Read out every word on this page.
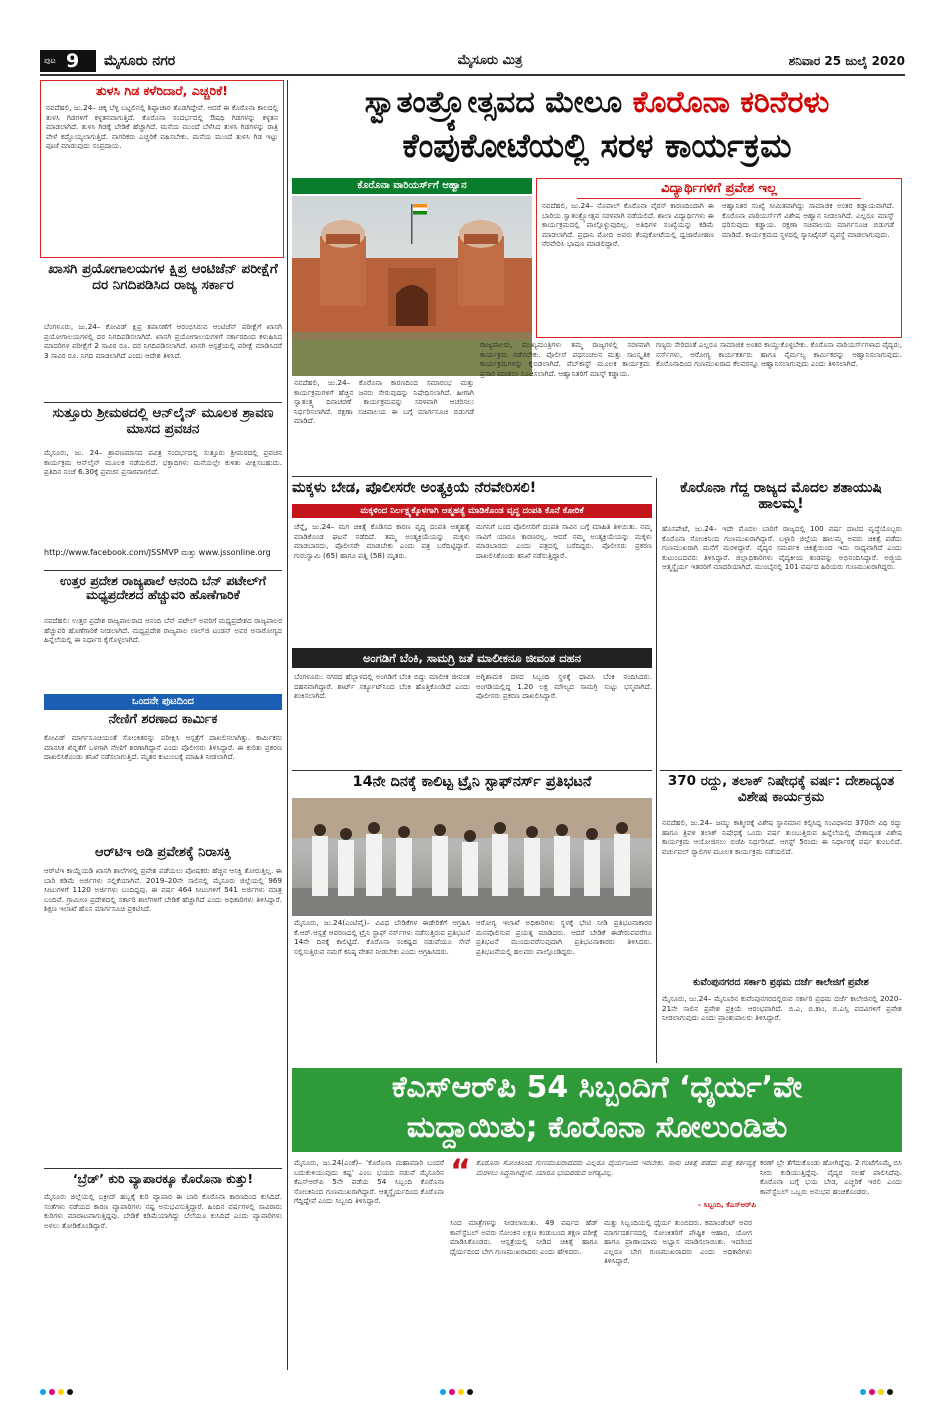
ಪುಟ 9 ಮೈಸೂರು ನಗರ	ಮೈಸೂರು ಮಿತ್ರ	ಶನಿವಾರ 25 ಜುಲೈ 2020
ತುಳಸಿ ಗಿಡ ಕಳೆರಿದಾರೆ, ಎಚ್ಚರಿಕೆ!
ನವದೆಹಲಿ, ಜು.24– ಚಿಕ್ಕ ಬೆಳ್ಳಿ ಬಟ್ಟಲಿನಲ್ಲಿ ಶಿಷ್ಟಾಚಾರ ತೊಡಗಿದ್ದೇವೆ. ಆದರೆ ಈ ಕೊರೊನಾ ಕಾಲದಲ್ಲಿ ತುಳಸಿ ಗಿಡಗಳಿಗೆ ಕಳ್ಳತನವಾಗುತ್ತಿದೆ. ಕೊರೊನಾ ಸಂದರ್ಭದಲ್ಲಿ ಔಷಧಿ ಗಿಡಗಳನ್ನು ಕಳ್ಳತನ ಮಾಡಲಾಗಿದೆ. ತುಳಸಿ ಗಿಡಕ್ಕೆ ಬೇಡಿಕೆ ಹೆಚ್ಚಾಗಿದೆ. ಮನೆಯ ಮುಂದೆ ಬೆಳೆಸಿದ ತುಳಸಿ ಗಿಡಗಳನ್ನು ರಾತ್ರಿ ವೇಳೆ ಕದ್ದೊಯ್ಯಲಾಗುತ್ತಿದೆ. ನಾಗರಿಕರು ಎಚ್ಚರಿಕೆ ವಹಿಸಬೇಕು. ಮನೆಯ ಮುಂದೆ ತುಳಸಿ ಗಿಡ ಇಟ್ಟು ಪೂಜೆ ಮಾಡುವುದು ಸಂಪ್ರದಾಯ.
ಖಾಸಗಿ ಪ್ರಯೋಗಾಲಯಗಳ ಕ್ಷಿಪ್ರ ಆಂಟಿಜೆನ್ ಪರೀಕ್ಷೆಗೆ ದರ ನಿಗದಿಪಡಿಸಿದ ರಾಜ್ಯ ಸರ್ಕಾರ
ಬೆಂಗಳೂರು, ಜು.24– ಕೋವಿಡ್ ಕ್ಷಿಪ್ರ ತಪಾಸಣೆಗೆ ಆರಂಭಿಸಿರುವ ಆಂಟಿಜೆನ್ ಪರೀಕ್ಷೆಗೆ ಖಾಸಗಿ ಪ್ರಯೋಗಾಲಯಗಳಲ್ಲಿ ದರ ನಿಗದಿಪಡಿಸಲಾಗಿದೆ. ಖಾಸಗಿ ಪ್ರಯೋಗಾಲಯಗಳಿಗೆ ಸರ್ಕಾರದಿಂದ ಕಳುಹಿಸಿದ ಮಾದರಿಗಳ ಪರೀಕ್ಷೆಗೆ 2 ಸಾವಿರ ರೂ. ದರ ನಿಗದಿಪಡಿಸಲಾಗಿದೆ. ಖಾಸಗಿ ಆಸ್ಪತ್ರೆಯಲ್ಲಿ ಪರೀಕ್ಷೆ ಮಾಡಿಸಿದರೆ 3 ಸಾವಿರ ರೂ. ನಿಗದಿ ಮಾಡಲಾಗಿದೆ ಎಂದು ಆದೇಶ ತಿಳಿಸಿದೆ.
ಸುತ್ತೂರು ಶ್ರೀಮಠದಲ್ಲಿ ಆನ್‌ಲೈನ್ ಮೂಲಕ ಶ್ರಾವಣ ಮಾಸದ ಪ್ರವಚನ
ಮೈಸೂರು, ಜು. 24– ಶ್ರಾವಣಮಾಸದ ಪವಿತ್ರ ಸಂದರ್ಭದಲ್ಲಿ ಸುತ್ತೂರು ಶ್ರೀಮಠದಲ್ಲಿ ಪ್ರವಚನ ಕಾರ್ಯಕ್ರಮ ಆನ್‌ಲೈನ್ ಮೂಲಕ ನಡೆಯಲಿದೆ. ಭಕ್ತಾದಿಗಳು ಮನೆಯಲ್ಲೇ ಕುಳಿತು ವೀಕ್ಷಿಸಬಹುದು. ಪ್ರತಿದಿನ ಸಂಜೆ 6.30ಕ್ಕೆ ಪ್ರವಚನ ಪ್ರಸಾರವಾಗಲಿದೆ.
http://www.facebook.com/JSSMVP ಮತ್ತು www.jssonline.org
ಉತ್ತರ ಪ್ರದೇಶ ರಾಜ್ಯಪಾಲೆ ಆನಂದಿ ಬೆನ್ ಪಟೇಲ್‌ಗೆ ಮಧ್ಯಪ್ರದೇಶದ ಹೆಚ್ಚುವರಿ ಹೊಣೆಗಾರಿಕೆ
ನವದೆಹಲಿ: ಉತ್ತರ ಪ್ರದೇಶ ರಾಜ್ಯಪಾಲರಾದ ಆನಂದಿ ಬೆನ್ ಪಟೇಲ್ ಅವರಿಗೆ ಮಧ್ಯಪ್ರದೇಶದ ರಾಜ್ಯಪಾಲರ ಹೆಚ್ಚುವರಿ ಹೊಣೆಗಾರಿಕೆ ನೀಡಲಾಗಿದೆ. ಮಧ್ಯಪ್ರದೇಶ ರಾಜ್ಯಪಾಲ ಲಾಲ್‌ಜಿ ಟಂಡನ್ ಅವರ ಅನಾರೋಗ್ಯದ ಹಿನ್ನೆಲೆಯಲ್ಲಿ ಈ ನಿರ್ಧಾರ ಕೈಗೊಳ್ಳಲಾಗಿದೆ.
ಒಂದನೇ ಪುಟದಿಂದ
ನೇಣಿಗೆ ಶರಣಾದ ಕಾರ್ಮಿಕ
ಕೋವಿಡ್ ಮಾರ್ಗಸೂಚಿಯಂತೆ ಸೋಂಕಿತರನ್ನು ಪರೀಕ್ಷಿಸಿ ಆಸ್ಪತ್ರೆಗೆ ದಾಖಲಿಸಲಾಗಿತ್ತು. ಕಾರ್ಮಿಕನು ಮಾನಸಿಕ ಖಿನ್ನತೆಗೆ ಒಳಗಾಗಿ ನೇಣಿಗೆ ಶರಣಾಗಿದ್ದಾನೆ ಎಂದು ಪೊಲೀಸರು ತಿಳಿಸಿದ್ದಾರೆ. ಈ ಕುರಿತು ಪ್ರಕರಣ ದಾಖಲಿಸಿಕೊಂಡು ತನಿಖೆ ನಡೆಸಲಾಗುತ್ತಿದೆ. ಮೃತರ ಕುಟುಂಬಕ್ಕೆ ಮಾಹಿತಿ ನೀಡಲಾಗಿದೆ.
ಆರ್‌ಟಿಇ ಅಡಿ ಪ್ರವೇಶಕ್ಕೆ ನಿರಾಸಕ್ತಿ
ಆರ್‌ಟಿಇ ಕಾಯ್ದೆಯಡಿ ಖಾಸಗಿ ಶಾಲೆಗಳಲ್ಲಿ ಪ್ರವೇಶ ಪಡೆಯಲು ಪೋಷಕರು ಹೆಚ್ಚಿನ ಆಸಕ್ತಿ ತೋರುತ್ತಿಲ್ಲ. ಈ ಬಾರಿ ಕಡಿಮೆ ಅರ್ಜಿಗಳು ಸಲ್ಲಿಕೆಯಾಗಿವೆ. 2019–20ನೇ ಸಾಲಿನಲ್ಲಿ ಮೈಸೂರು ಜಿಲ್ಲೆಯಲ್ಲಿ 969 ಸೀಟುಗಳಿಗೆ 1120 ಅರ್ಜಿಗಳು ಬಂದಿದ್ದವು. ಈ ವರ್ಷ 464 ಸೀಟುಗಳಿಗೆ 541 ಅರ್ಜಿಗಳು ಮಾತ್ರ ಬಂದಿವೆ. ಗ್ರಾಮೀಣ ಪ್ರದೇಶದಲ್ಲಿ ಸರ್ಕಾರಿ ಶಾಲೆಗಳಿಗೆ ಬೇಡಿಕೆ ಹೆಚ್ಚಾಗಿದೆ ಎಂದು ಅಧಿಕಾರಿಗಳು ತಿಳಿಸಿದ್ದಾರೆ. ಶಿಕ್ಷಣ ಇಲಾಖೆ ಹೊಸ ಮಾರ್ಗಸೂಚಿ ಪ್ರಕಟಿಸಿದೆ.
‘ಬ್ರೆಡ್’ ಕುರಿ ವ್ಯಾಪಾರಕ್ಕೂ ಕೊರೊನಾ ಕುತ್ತು!
ಮೈಸೂರು ಜಿಲ್ಲೆಯಲ್ಲಿ ಬಕ್ರೀದ್ ಹಬ್ಬಕ್ಕೆ ಕುರಿ ವ್ಯಾಪಾರ ಈ ಬಾರಿ ಕೊರೊನಾ ಕಾರಣದಿಂದ ಕುಸಿದಿದೆ. ಸಂತೆಗಳು ನಡೆಯದ ಕಾರಣ ವ್ಯಾಪಾರಿಗಳು ನಷ್ಟ ಅನುಭವಿಸುತ್ತಿದ್ದಾರೆ. ಹಿಂದಿನ ವರ್ಷಗಳಲ್ಲಿ ಸಾವಿರಾರು ಕುರಿಗಳು ಮಾರಾಟವಾಗುತ್ತಿದ್ದವು. ಬೇಡಿಕೆ ಕಡಿಮೆಯಾಗಿದ್ದು ಬೆಲೆಯೂ ಕುಸಿದಿದೆ ಎಂದು ವ್ಯಾಪಾರಿಗಳು ಅಳಲು ತೋಡಿಕೊಂಡಿದ್ದಾರೆ.
ಸ್ವಾತಂತ್ರ್ಯೋತ್ಸವದ ಮೇಲೂ ಕೊರೊನಾ ಕರಿನೆರಳು
ಕೆಂಪುಕೋಟೆಯಲ್ಲಿ ಸರಳ ಕಾರ್ಯಕ್ರಮ
ಕೊರೊನಾ ವಾರಿಯರ್ಸ್‌ಗೆ ಆಹ್ವಾನ	ವಿದ್ಯಾರ್ಥಿಗಳಿಗೆ ಪ್ರವೇಶ ಇಲ್ಲ
ನವದೆಹಲಿ, ಜು.24– ನೊವಾಲ್ ಕೊರೊನಾ ವೈರಸ್ ಕಾರಣದಿಂದಾಗಿ ಈ ಬಾರಿಯ ಸ್ವಾತಂತ್ರ್ಯೋತ್ಸವ ಸರಳವಾಗಿ ನಡೆಯಲಿದೆ. ಶಾಲಾ ವಿದ್ಯಾರ್ಥಿಗಳು ಈ ಕಾರ್ಯಕ್ರಮದಲ್ಲಿ ಪಾಲ್ಗೊಳ್ಳುವುದಿಲ್ಲ. ಅತಿಥಿಗಳ ಸಂಖ್ಯೆಯನ್ನು ಕಡಿಮೆ ಮಾಡಲಾಗಿದೆ. ಪ್ರಧಾನಿ ಮೋದಿ ಅವರು ಕೆಂಪುಕೋಟೆಯಲ್ಲಿ ಧ್ವಜಾರೋಹಣ ನೆರವೇರಿಸಿ ಭಾಷಣ ಮಾಡಲಿದ್ದಾರೆ.
ಆಹ್ವಾನಿತರ ಸಂಖ್ಯೆ ಸೀಮಿತವಾಗಿದ್ದು ಸಾಮಾಜಿಕ ಅಂತರ ಕಡ್ಡಾಯವಾಗಿದೆ. ಕೊರೊನಾ ವಾರಿಯರ್ಸ್‌ಗೆ ವಿಶೇಷ ಆಹ್ವಾನ ನೀಡಲಾಗಿದೆ. ಎಲ್ಲರೂ ಮಾಸ್ಕ್ ಧರಿಸುವುದು ಕಡ್ಡಾಯ. ರಕ್ಷಣಾ ಸಚಿವಾಲಯ ಮಾರ್ಗಸೂಚಿ ಬಿಡುಗಡೆ ಮಾಡಿದೆ. ಕಾರ್ಯಕ್ರಮದ ಸ್ಥಳದಲ್ಲಿ ಸ್ಯಾನಿಟೈಸರ್ ವ್ಯವಸ್ಥೆ ಮಾಡಲಾಗುವುದು.
ನವದೆಹಲಿ, ಜು.24– ಕೊರೊನಾ ಕಾರಣದಿಂದ ಸಮಾರಂಭ ಮತ್ತು ಕಾರ್ಯಕ್ರಮಗಳಿಗೆ ಹೆಚ್ಚಿನ ಜನರು ಸೇರುವುದನ್ನು ನಿಷೇಧಿಸಲಾಗಿದೆ. ಹೀಗಾಗಿ ಸ್ವಾತಂತ್ರ್ಯ ದಿನಾಚರಣೆ ಕಾರ್ಯಕ್ರಮವನ್ನು ಸರಳವಾಗಿ ಆಚರಿಸಲು ನಿರ್ಧರಿಸಲಾಗಿದೆ. ರಕ್ಷಣಾ ಸಚಿವಾಲಯ ಈ ಬಗ್ಗೆ ಮಾರ್ಗಸೂಚಿ ಬಿಡುಗಡೆ ಮಾಡಿದೆ.
ರಾಜ್ಯಪಾಲರು, ಮುಖ್ಯಮಂತ್ರಿಗಳು ತಮ್ಮ ರಾಜ್ಯಗಳಲ್ಲಿ ಸರಳವಾಗಿ ಕಾರ್ಯಕ್ರಮ ನಡೆಸಬೇಕು. ಪೊಲೀಸ್ ಪಥಸಂಚಲನ ಮತ್ತು ಸಾಂಸ್ಕೃತಿಕ ಕಾರ್ಯಕ್ರಮಗಳನ್ನು ಕೈಬಿಡಲಾಗಿದೆ. ವೆಬ್‌ಕಾಸ್ಟ್ ಮೂಲಕ ಕಾರ್ಯಕ್ರಮ ಪ್ರಸಾರ ಮಾಡಲು ಸೂಚಿಸಲಾಗಿದೆ. ಆಹ್ವಾನಿತರಿಗೆ ಮಾಸ್ಕ್ ಕಡ್ಡಾಯ.
ಗಣ್ಯರು ಸೇರಿದಂತೆ ಎಲ್ಲರೂ ಸಾಮಾಜಿಕ ಅಂತರ ಕಾಯ್ದುಕೊಳ್ಳಬೇಕು. ಕೊರೊನಾ ವಾರಿಯರ್ಸ್‌ಗಳಾದ ವೈದ್ಯರು, ನರ್ಸ್‌ಗಳು, ಆರೋಗ್ಯ ಕಾರ್ಯಕರ್ತರು ಹಾಗೂ ನೈರ್ಮಲ್ಯ ಕಾರ್ಮಿಕರನ್ನು ಆಹ್ವಾನಿಸಲಾಗುವುದು. ಕೊರೊನಾದಿಂದ ಗುಣಮುಖರಾದ ಕೆಲವರನ್ನೂ ಆಹ್ವಾನಿಸಲಾಗುವುದು ಎಂದು ತಿಳಿಸಲಾಗಿದೆ.
ಮಕ್ಕಳು ಬೇಡ, ಪೊಲೀಸರೇ ಅಂತ್ಯಕ್ರಿಯೆ ನೆರವೇರಿಸಲಿ!
ಮಕ್ಕಳಿಂದ ನಿರ್ಲಕ್ಷ್ಯಕ್ಕೊಳಗಾಗಿ ಆತ್ಮಹತ್ಯೆ ಮಾಡಿಕೊಂಡ ವೃದ್ಧ ದಂಪತಿ ಕೊನೆ ಕೋರಿಕೆ
ಚೆನ್ನೈ, ಜು.24– ಮಗ ಚಿಕಿತ್ಸೆ ಕೊಡಿಸದ ಕಾರಣ ವೃದ್ಧ ದಂಪತಿ ಆತ್ಮಹತ್ಯೆ ಮಾಡಿಕೊಂಡ ಘಟನೆ ನಡೆದಿದೆ. ತಮ್ಮ ಅಂತ್ಯಕ್ರಿಯೆಯನ್ನು ಮಕ್ಕಳು ಮಾಡಬಾರದು, ಪೊಲೀಸರೇ ಮಾಡಬೇಕು ಎಂದು ಪತ್ರ ಬರೆದಿಟ್ಟಿದ್ದಾರೆ. ಗುರುಸ್ವಾಮಿ (65) ಹಾಗೂ ಪತ್ನಿ (58) ಮೃತರು.
ಮಗನಿಗೆ ಬಂದ ಪೊಲೀಸರಿಗೆ ದಂಪತಿ ಸಾವಿನ ಬಗ್ಗೆ ಮಾಹಿತಿ ತಿಳಿಯಿತು. ನಮ್ಮ ಸಾವಿಗೆ ಯಾರೂ ಕಾರಣರಲ್ಲ. ಆದರೆ ನಮ್ಮ ಅಂತ್ಯಕ್ರಿಯೆಯನ್ನು ಮಕ್ಕಳು ಮಾಡಬಾರದು ಎಂದು ಪತ್ರದಲ್ಲಿ ಬರೆದಿದ್ದರು. ಪೊಲೀಸರು ಪ್ರಕರಣ ದಾಖಲಿಸಿಕೊಂಡು ತನಿಖೆ ನಡೆಸುತ್ತಿದ್ದಾರೆ.
ಅಂಗಡಿಗೆ ಬೆಂಕಿ, ಸಾಮಗ್ರಿ ಜತೆ ಮಾಲೀಕನೂ ಜೀವಂತ ದಹನ
ಬೆಂಗಳೂರು: ನಗರದ ಹೆಬ್ಬಾಳದಲ್ಲಿ ಅಂಗಡಿಗೆ ಬೆಂಕಿ ಬಿದ್ದು ಮಾಲೀಕ ಜೀವಂತ ದಹನವಾಗಿದ್ದಾರೆ. ಶಾರ್ಟ್ ಸರ್ಕ್ಯೂಟ್‌ನಿಂದ ಬೆಂಕಿ ಹೊತ್ತಿಕೊಂಡಿದೆ ಎಂದು ಶಂಕಿಸಲಾಗಿದೆ.
ಅಗ್ನಿಶಾಮಕ ದಳದ ಸಿಬ್ಬಂದಿ ಸ್ಥಳಕ್ಕೆ ಧಾವಿಸಿ ಬೆಂಕಿ ನಂದಿಸಿದರು. ಅಂಗಡಿಯಲ್ಲಿದ್ದ 1.20 ಲಕ್ಷ ಮೌಲ್ಯದ ಸಾಮಗ್ರಿ ಸುಟ್ಟು ಭಸ್ಮವಾಗಿದೆ. ಪೊಲೀಸರು ಪ್ರಕರಣ ದಾಖಲಿಸಿದ್ದಾರೆ.
14ನೇ ದಿನಕ್ಕೆ ಕಾಲಿಟ್ಟ ಟ್ರೈನಿ ಸ್ಟಾಫ್‌ನರ್ಸ್ ಪ್ರತಿಭಟನೆ
ಮೈಸೂರು, ಜು.24(ಎಂಟಿವೈ)– ವಿವಿಧ ಬೇಡಿಕೆಗಳ ಈಡೇರಿಕೆಗೆ ಆಗ್ರಹಿಸಿ ಕೆ.ಆರ್.ಆಸ್ಪತ್ರೆ ಆವರಣದಲ್ಲಿ ಟ್ರೈನಿ ಸ್ಟಾಫ್ ನರ್ಸ್‌ಗಳು ನಡೆಸುತ್ತಿರುವ ಪ್ರತಿಭಟನೆ 14ನೇ ದಿನಕ್ಕೆ ಕಾಲಿಟ್ಟಿದೆ. ಕೊರೊನಾ ಸಂಕಷ್ಟದ ನಡುವೆಯೂ ಸೇವೆ ಸಲ್ಲಿಸುತ್ತಿರುವ ನಮಗೆ ಕನಿಷ್ಠ ವೇತನ ನೀಡಬೇಕು ಎಂದು ಆಗ್ರಹಿಸಿದರು.
ಆರೋಗ್ಯ ಇಲಾಖೆ ಅಧಿಕಾರಿಗಳು ಸ್ಥಳಕ್ಕೆ ಭೇಟಿ ನೀಡಿ ಪ್ರತಿಭಟನಾಕಾರರ ಮನವೊಲಿಸುವ ಪ್ರಯತ್ನ ಮಾಡಿದರು. ಆದರೆ ಬೇಡಿಕೆ ಈಡೇರುವವರೆಗೂ ಪ್ರತಿಭಟನೆ ಮುಂದುವರೆಸುವುದಾಗಿ ಪ್ರತಿಭಟನಾಕಾರರು ತಿಳಿಸಿದರು. ಪ್ರತಿಭಟನೆಯಲ್ಲಿ ಹಲವರು ಪಾಲ್ಗೊಂಡಿದ್ದರು.
ಕೊರೊನಾ ಗೆದ್ದ ರಾಜ್ಯದ ಮೊದಲ ಶತಾಯುಷಿ ಹಾಲಮ್ಮ!
ಹೊಸಪೇಟೆ, ಜು.24– ಇದೇ ಮೊದಲ ಬಾರಿಗೆ ರಾಜ್ಯದಲ್ಲಿ 100 ವರ್ಷ ದಾಟಿದ ವೃದ್ಧೆಯೊಬ್ಬರು ಕೊರೊನಾ ಸೋಂಕಿನಿಂದ ಗುಣಮುಖರಾಗಿದ್ದಾರೆ. ಬಳ್ಳಾರಿ ಜಿಲ್ಲೆಯ ಹಾಲಮ್ಮ ಅವರು ಚಿಕಿತ್ಸೆ ಪಡೆದು ಗುಣಮುಖರಾಗಿ ಮನೆಗೆ ಮರಳಿದ್ದಾರೆ. ವೈದ್ಯರ ಸಮರ್ಪಕ ಚಿಕಿತ್ಸೆಯಿಂದ ಇದು ಸಾಧ್ಯವಾಗಿದೆ ಎಂದು ಕುಟುಂಬದವರು ತಿಳಿಸಿದ್ದಾರೆ. ಜಿಲ್ಲಾಧಿಕಾರಿಗಳು ವೈದ್ಯಕೀಯ ತಂಡವನ್ನು ಅಭಿನಂದಿಸಿದ್ದಾರೆ. ಅಜ್ಜಿಯ ಆತ್ಮಸ್ಥೈರ್ಯ ಇತರರಿಗೆ ಮಾದರಿಯಾಗಿದೆ. ಮುಂಬೈನಲ್ಲಿ 101 ವರ್ಷದ ಹಿರಿಯರು ಗುಣಮುಖರಾಗಿದ್ದರು.
370 ರದ್ದು, ತಲಾಕ್ ನಿಷೇಧಕ್ಕೆ ವರ್ಷ: ದೇಶಾದ್ಯಂತ ವಿಶೇಷ ಕಾರ್ಯಕ್ರಮ
ನವದೆಹಲಿ, ಜು.24– ಜಮ್ಮು ಕಾಶ್ಮೀರಕ್ಕೆ ವಿಶೇಷ ಸ್ಥಾನಮಾನ ಕಲ್ಪಿಸಿದ್ದ ಸಂವಿಧಾನದ 370ನೇ ವಿಧಿ ರದ್ದು ಹಾಗೂ ತ್ರಿವಳಿ ತಲಾಕ್ ನಿಷೇಧಕ್ಕೆ ಒಂದು ವರ್ಷ ತುಂಬುತ್ತಿರುವ ಹಿನ್ನೆಲೆಯಲ್ಲಿ ದೇಶಾದ್ಯಂತ ವಿಶೇಷ ಕಾರ್ಯಕ್ರಮ ಆಯೋಜಿಸಲು ಬಿಜೆಪಿ ನಿರ್ಧರಿಸಿದೆ. ಆಗಸ್ಟ್ 5ರಂದು ಈ ನಿರ್ಧಾರಕ್ಕೆ ವರ್ಷ ತುಂಬಲಿದೆ. ವರ್ಚುವಲ್ ರ‍್ಯಾಲಿಗಳ ಮೂಲಕ ಕಾರ್ಯಕ್ರಮ ನಡೆಯಲಿದೆ.
ಕುವೆಂಪುನಗರದ ಸರ್ಕಾರಿ ಪ್ರಥಮ ದರ್ಜೆ ಕಾಲೇಜಿಗೆ ಪ್ರವೇಶ
ಮೈಸೂರು, ಜು.24– ಮೈಸೂರಿನ ಕುವೆಂಪುನಗರದಲ್ಲಿರುವ ಸರ್ಕಾರಿ ಪ್ರಥಮ ದರ್ಜೆ ಕಾಲೇಜಿನಲ್ಲಿ 2020–21ನೇ ಸಾಲಿನ ಪ್ರವೇಶ ಪ್ರಕ್ರಿಯೆ ಆರಂಭವಾಗಿದೆ. ಬಿ.ಎ, ಬಿ.ಕಾಂ, ಬಿ.ಎಸ್ಸಿ ಪದವಿಗಳಿಗೆ ಪ್ರವೇಶ ನೀಡಲಾಗುವುದು ಎಂದು ಪ್ರಾಂಶುಪಾಲರು ತಿಳಿಸಿದ್ದಾರೆ.
ಕೆಎಸ್‌ಆರ್‌ಪಿ 54 ಸಿಬ್ಬಂದಿಗೆ ‘ಧೈರ್ಯ’ವೇ
ಮದ್ದಾಯಿತು; ಕೊರೊನಾ ಸೋಲುಂಡಿತು
ಮೈಸೂರು, ಜು.24(ಎಂಕೆ)– ‘ಕೊರೊನಾ ಮಹಾಮಾರಿ ಬಂದರೆ ಬದುಕುಳಿಯುವುದು ಕಷ್ಟ’ ಎಂಬ ಭಯದ ನಡುವೆ ಮೈಸೂರಿನ ಕೆಎಸ್‌ಆರ್‌ಪಿ 5ನೇ ಪಡೆಯ 54 ಸಿಬ್ಬಂದಿ ಕೊರೊನಾ ಸೋಂಕಿನಿಂದ ಗುಣಮುಖರಾಗಿದ್ದಾರೆ. ಆತ್ಮಸ್ಥೈರ್ಯದಿಂದ ಕೊರೊನಾ ಗೆದ್ದಿದ್ದೇವೆ ಎಂದು ಸಿಬ್ಬಂದಿ ತಿಳಿಸಿದ್ದಾರೆ.
“ ಕೊರೊನಾ ಸೋಂಕಿನಿಂದ ಗುಣಮುಖರಾದವರು ಎಲ್ಲರೂ ಧೈರ್ಯದಿಂದ ಇರಬೇಕು. ನಾನು ಚಿಕಿತ್ಸೆ ಪಡೆದು ಮತ್ತೆ ಕರ್ತವ್ಯಕ್ಕೆ ಮರಳಲು ಸಿದ್ಧನಾಗಿದ್ದೇನೆ. ಯಾರೂ ಭಯಪಡುವ ಅಗತ್ಯವಿಲ್ಲ.
– ಸಿಬ್ಬಂದಿ, ಕೆಎಸ್‌ಆರ್‌ಪಿ
ಸಿಂದ ಮಾತ್ರೆಗಳನ್ನು ನೀಡಲಾಯಿತು. 49 ವರ್ಷದ ಹೆಡ್ ಕಾನ್‌ಸ್ಟೆಬಲ್ ಅವರು ಸೋಂಕಿನ ಲಕ್ಷಣ ಕಂಡುಬಂದ ತಕ್ಷಣ ಪರೀಕ್ಷೆ ಮಾಡಿಸಿಕೊಂಡರು. ಆಸ್ಪತ್ರೆಯಲ್ಲಿ ನೀಡಿದ ಚಿಕಿತ್ಸೆ ಹಾಗೂ ಧೈರ್ಯದಿಂದ ಬೇಗ ಗುಣಮುಖರಾದರು ಎಂದು ಹೇಳಿದರು.
ಮತ್ತು ಸಿಬ್ಬಂದಿಯಲ್ಲಿ ಧೈರ್ಯ ತುಂಬಿದರು. ಕಮಾಂಡೆಂಟ್ ಅವರ ಮಾರ್ಗದರ್ಶನದಲ್ಲಿ ಸೋಂಕಿತರಿಗೆ ಪೌಷ್ಟಿಕ ಆಹಾರ, ಯೋಗ ಹಾಗೂ ಪ್ರಾಣಾಯಾಮ ಅಭ್ಯಾಸ ಮಾಡಿಸಲಾಯಿತು. ಇದರಿಂದ ಎಲ್ಲರೂ ಬೇಗ ಗುಣಮುಖರಾದರು ಎಂದು ಅಧಿಕಾರಿಗಳು ತಿಳಿಸಿದ್ದಾರೆ.
ಕರಣ್ ಬ್ರೇ ತೆಗೆದುಕೊಂಡು ಹೋಗಿದ್ದೆವು. 2 ಗಂಟೆಗೊಮ್ಮೆ ಬಿಸಿ ನೀರು ಕುಡಿಯುತ್ತಿದ್ದೆವು. ವೈದ್ಯರ ಸಲಹೆ ಪಾಲಿಸಿದೆವು. ಕೊರೊನಾ ಬಗ್ಗೆ ಭಯ ಬೇಡ, ಎಚ್ಚರಿಕೆ ಇರಲಿ ಎಂದು ಕಾನ್‌ಸ್ಟೆಬಲ್ ಒಬ್ಬರು ಅನುಭವ ಹಂಚಿಕೊಂಡರು.
